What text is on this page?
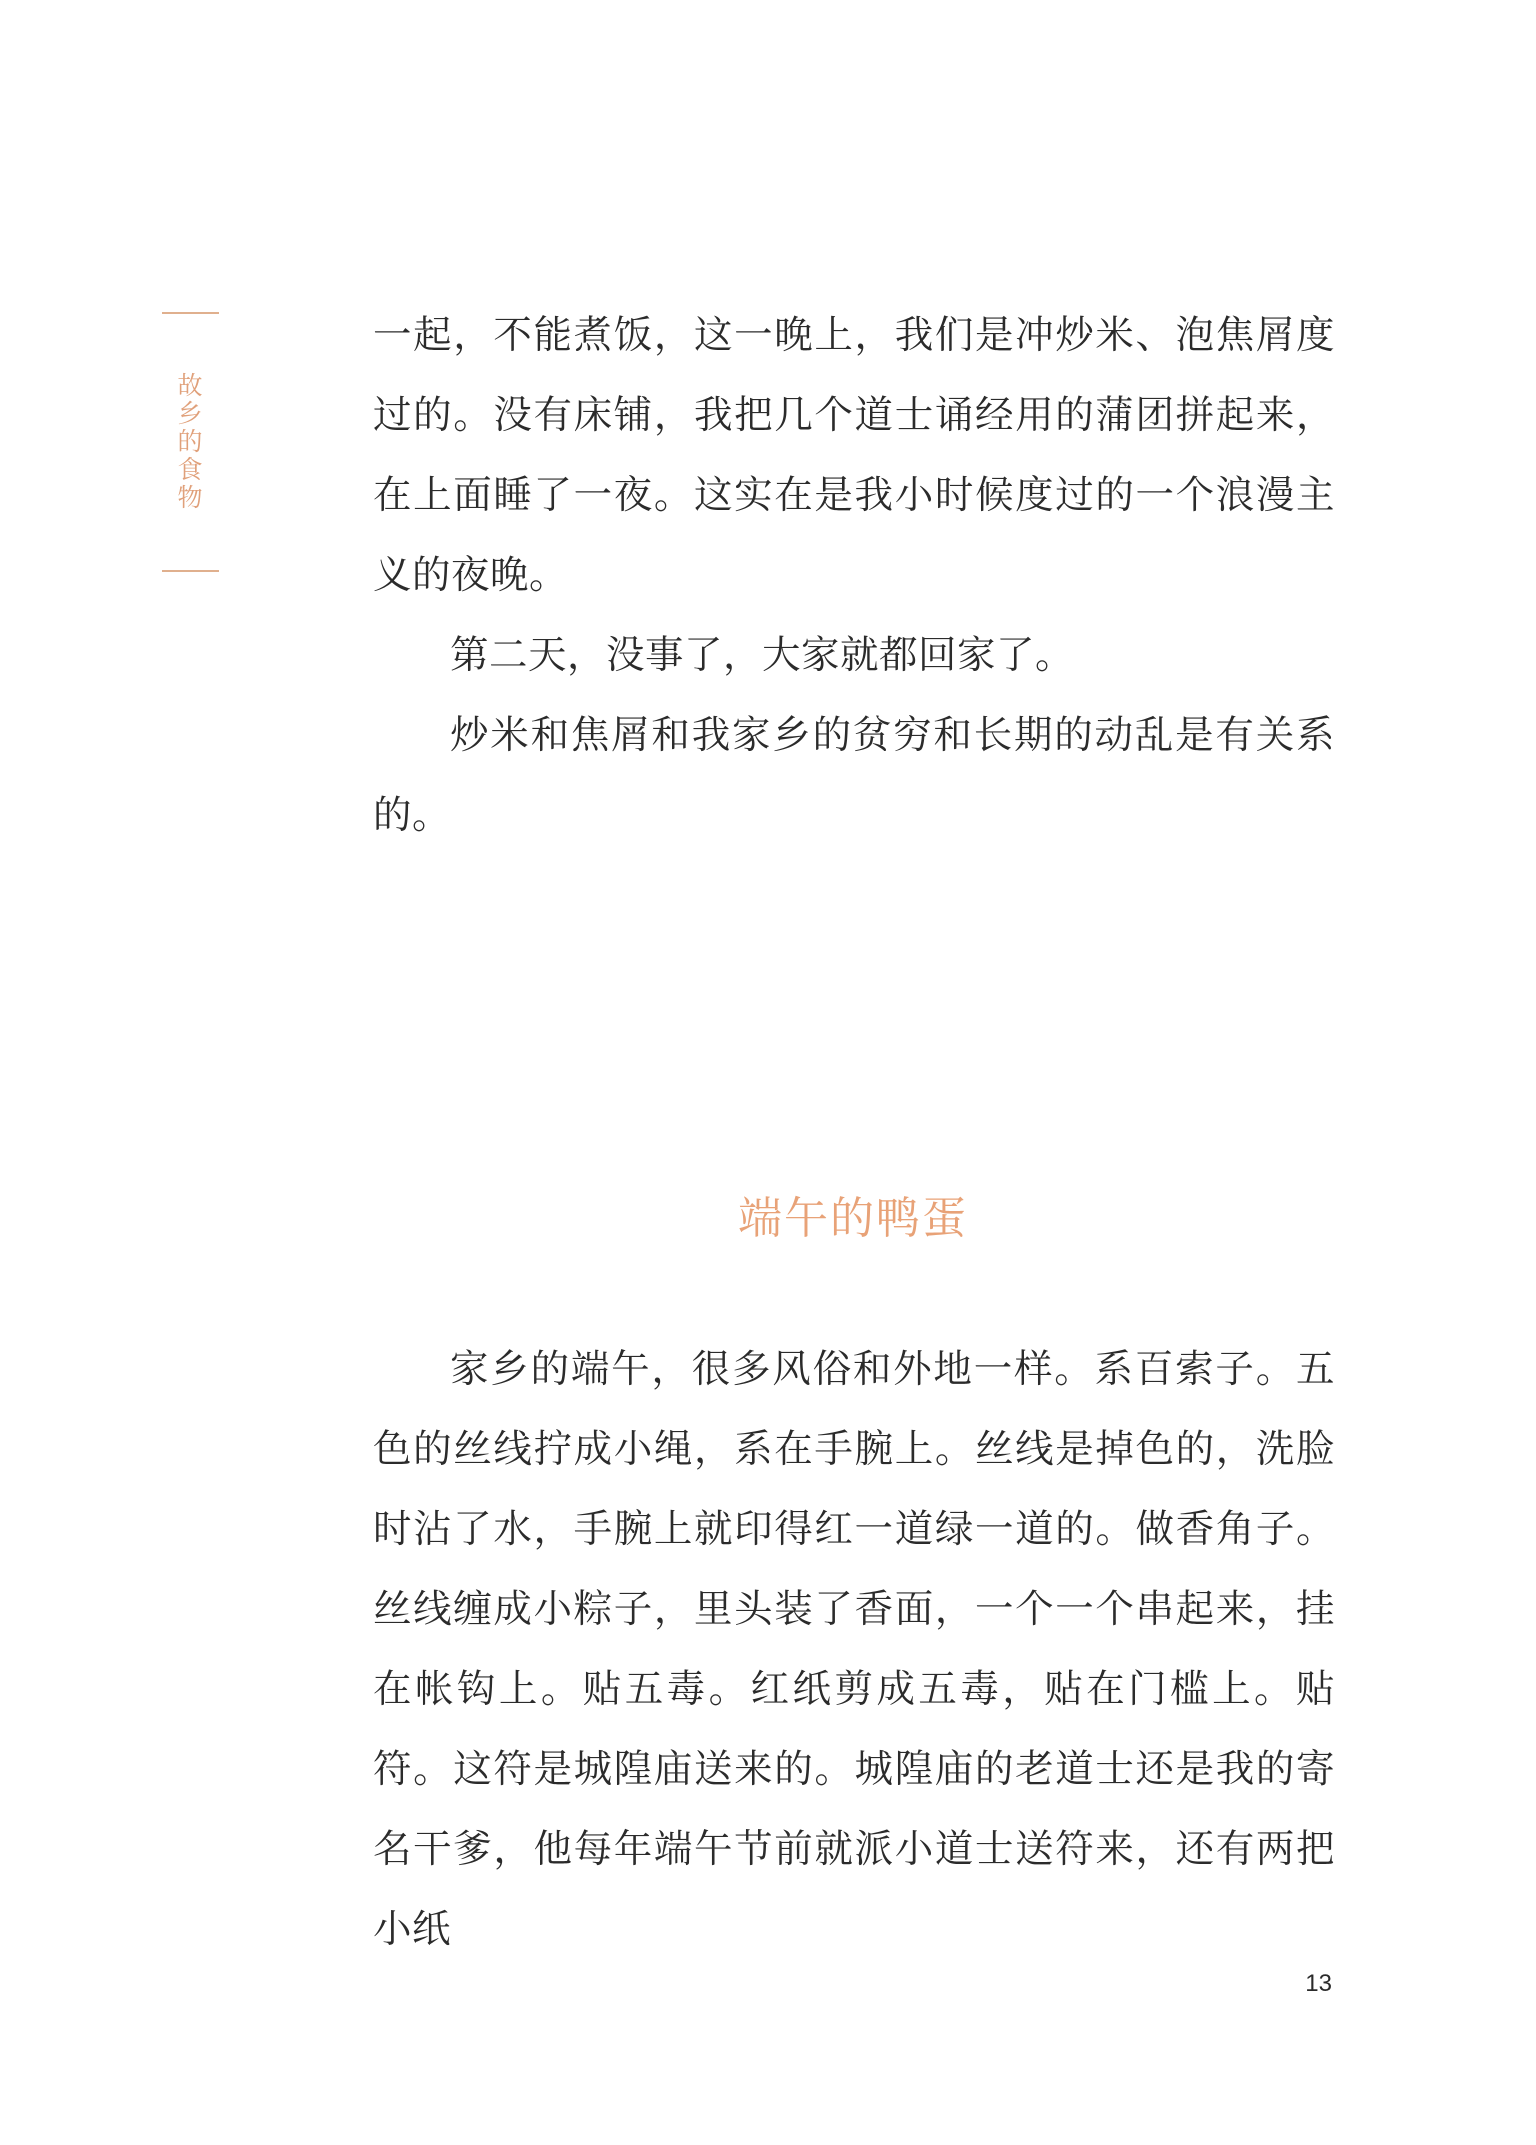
故乡的食物

一起，不能煮饭，这一晚上，我们是冲炒米、泡焦屑度过的。没有床铺，我把几个道士诵经用的蒲团拼起来，在上面睡了一夜。这实在是我小时候度过的一个浪漫主义的夜晚。

第二天，没事了，大家就都回家了。

炒米和焦屑和我家乡的贫穷和长期的动乱是有关系的。

端午的鸭蛋

家乡的端午，很多风俗和外地一样。系百索子。五色的丝线拧成小绳，系在手腕上。丝线是掉色的，洗脸时沾了水，手腕上就印得红一道绿一道的。做香角子。丝线缠成小粽子，里头装了香面，一个一个串起来，挂在帐钩上。贴五毒。红纸剪成五毒，贴在门槛上。贴符。这符是城隍庙送来的。城隍庙的老道士还是我的寄名干爹，他每年端午节前就派小道士送符来，还有两把小纸

13
